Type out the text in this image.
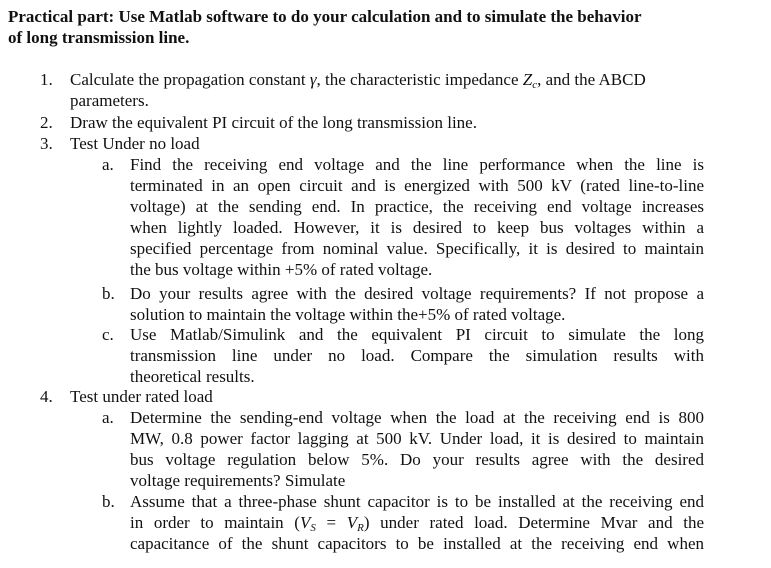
Practical part: Use Matlab software to do your calculation and to simulate the behavior
of long transmission line.
1. Calculate the propagation constant γ, the characteristic impedance $Z_c$, and the ABCD
parameters.
2. Draw the equivalent PI circuit of the long transmission line.
3. Test Under no load
a. Find the receiving end voltage and the line performance when the line is
terminated in an open circuit and is energized with 500 kV (rated line-to-line
voltage) at the sending end. In practice, the receiving end voltage increases
when lightly loaded. However, it is desired to keep bus voltages within a
specified percentage from nominal value. Specifically, it is desired to maintain
the bus voltage within +5% of rated voltage.
b. Do your results agree with the desired voltage requirements? If not propose a
solution to maintain the voltage within the+5% of rated voltage.
c. Use Matlab/Simulink and the equivalent PI circuit to simulate the long
transmission line under no load. Compare the simulation results with
theoretical results.
4. Test under rated load
a. Determine the sending-end voltage when the load at the receiving end is 800
MW, 0.8 power factor lagging at 500 kV. Under load, it is desired to maintain
bus voltage regulation below 5%. Do your results agree with the desired
voltage requirements? Simulate
b. Assume that a three-phase shunt capacitor is to be installed at the receiving end
in order to maintain $(V_S = V_R)$ under rated load. Determine Mvar and the
capacitance of the shunt capacitors to be installed at the receiving end when
